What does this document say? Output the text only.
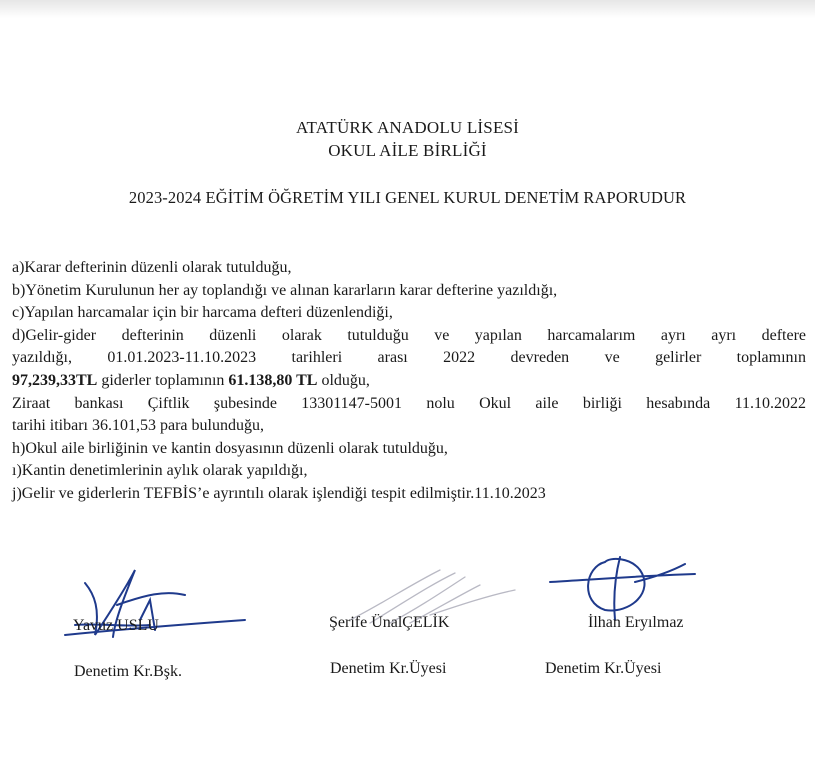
ATATÜRK ANADOLU LİSESİ
OKUL AİLE BİRLİĞİ
2023-2024 EĞİTİM ÖĞRETİM YILI GENEL KURUL DENETİM RAPORUDUR

a)Karar defterinin düzenli olarak tutulduğu,

b)Yönetim Kurulunun her ay toplandığı ve alınan kararların karar defterine yazıldığı,

c)Yapılan harcamalar için bir harcama defteri düzenlendiği,

d)Gelir-gider defterinin düzenli olarak tutulduğu ve yapılan harcamalarım ayrı ayrı deftere

yazıldığı, 01.01.2023-11.10.2023 tarihleri arası 2022 devreden ve gelirler toplamının

97,239,33TL giderler toplamının 61.138,80 TL olduğu,

Ziraat bankası Çiftlik şubesinde 13301147-5001 nolu Okul aile birliği hesabında 11.10.2022

tarihi itibarı 36.101,53 para bulunduğu,

h)Okul aile birliğinin ve kantin dosyasının düzenli olarak tutulduğu,

ı)Kantin denetimlerinin aylık olarak yapıldığı,

j)Gelir ve giderlerin TEFBİS’e ayrıntılı olarak işlendiği tespit edilmiştir.11.10.2023

Yavuz USLU
Denetim Kr.Bşk.
Şerife ÜnalÇELİK
Denetim Kr.Üyesi
İlhan Eryılmaz
Denetim Kr.Üyesi
